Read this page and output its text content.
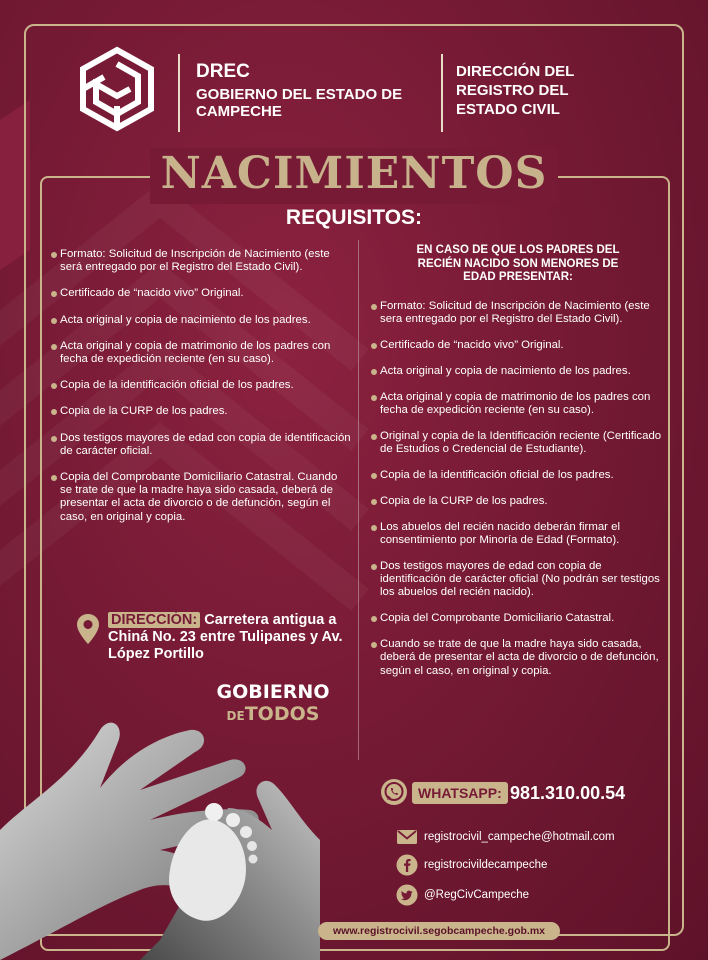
DREC
GOBIERNO DEL ESTADO DE CAMPECHE
DIRECCIÓN DEL REGISTRO DEL ESTADO CIVIL
NACIMIENTOS
REQUISITOS:
Formato: Solicitud de Inscripción de Nacimiento (este será entregado por el Registro del Estado Civil).
Certificado de “nacido vivo” Original.
Acta original y copia de nacimiento de los padres.
Acta original y copia de matrimonio de los padres con fecha de expedición reciente (en su caso).
Copia de la identificación oficial de los padres.
Copia de la CURP de los padres.
Dos testigos mayores de edad con copia de identificación de carácter oficial.
Copia del Comprobante Domiciliario Catastral. Cuando se trate de que la madre haya sido casada, deberá de presentar el acta de divorcio o de defunción, según el caso, en original y copia.
EN CASO DE QUE LOS PADRES DEL RECIÉN NACIDO SON MENORES DE EDAD PRESENTAR:
Formato: Solicitud de Inscripción de Nacimiento (este sera entregado por el Registro del Estado Civil).
Certificado de “nacido vivo” Original.
Acta original y copia de nacimiento de los padres.
Acta original y copia de matrimonio de los padres con fecha de expedición reciente (en su caso).
Original y copia de la Identificación reciente (Certificado de Estudios o Credencial de Estudiante).
Copia de la identificación oficial de los padres.
Copia de la CURP de los padres.
Los abuelos del recién nacido deberán firmar el consentimiento por Minoría de Edad (Formato).
Dos testigos mayores de edad con copia de identificación de carácter oficial (No podrán ser testigos los abuelos del recién nacido).
Copia del Comprobante Domiciliario Catastral.
Cuando se trate de que la madre haya sido casada, deberá de presentar el acta de divorcio o de defunción, según el caso, en original y copia.
DIRECCIÓN: Carretera antigua a Chiná No. 23 entre Tulipanes y Av. López Portillo
GOBIERNO
DETODOS
WHATSAPP: 981.310.00.54
registrocivil_campeche@hotmail.com
registrocivildecampeche
@RegCivCampeche
www.registrocivil.segobcampeche.gob.mx
